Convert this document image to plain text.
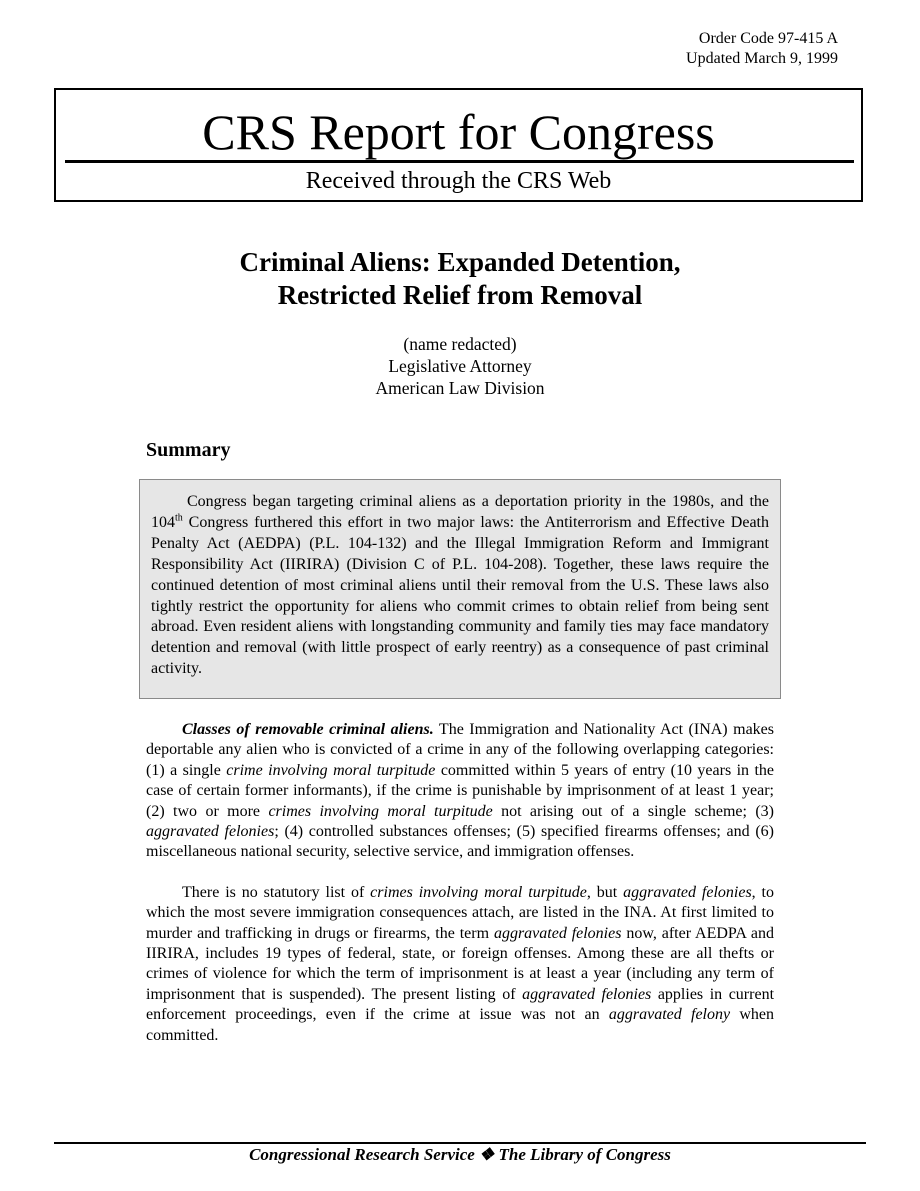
Order Code 97-415 A
Updated March 9, 1999
CRS Report for Congress
Received through the CRS Web
Criminal Aliens: Expanded Detention,
Restricted Relief from Removal
(name redacted)
Legislative Attorney
American Law Division
Summary

Congress began targeting criminal aliens as a deportation priority in the 1980s, and the 104th Congress furthered this effort in two major laws: the Antiterrorism and Effective Death Penalty Act (AEDPA) (P.L. 104-132) and the Illegal Immigration Reform and Immigrant Responsibility Act (IIRIRA) (Division C of P.L. 104-208). Together, these laws require the continued detention of most criminal aliens until their removal from the U.S. These laws also tightly restrict the opportunity for aliens who commit crimes to obtain relief from being sent abroad. Even resident aliens with longstanding community and family ties may face mandatory detention and removal (with little prospect of early reentry) as a consequence of past criminal activity.

Classes of removable criminal aliens. The Immigration and Nationality Act (INA) makes deportable any alien who is convicted of a crime in any of the following overlapping categories: (1) a single crime involving moral turpitude committed within 5 years of entry (10 years in the case of certain former informants), if the crime is punishable by imprisonment of at least 1 year; (2) two or more crimes involving moral turpitude not arising out of a single scheme; (3) aggravated felonies; (4) controlled substances offenses; (5) specified firearms offenses; and (6) miscellaneous national security, selective service, and immigration offenses.

There is no statutory list of crimes involving moral turpitude, but aggravated felonies, to which the most severe immigration consequences attach, are listed in the INA. At first limited to murder and trafficking in drugs or firearms, the term aggravated felonies now, after AEDPA and IIRIRA, includes 19 types of federal, state, or foreign offenses. Among these are all thefts or crimes of violence for which the term of imprisonment is at least a year (including any term of imprisonment that is suspended). The present listing of aggravated felonies applies in current enforcement proceedings, even if the crime at issue was not an aggravated felony when committed.

Congressional Research Service ❖ The Library of Congress
